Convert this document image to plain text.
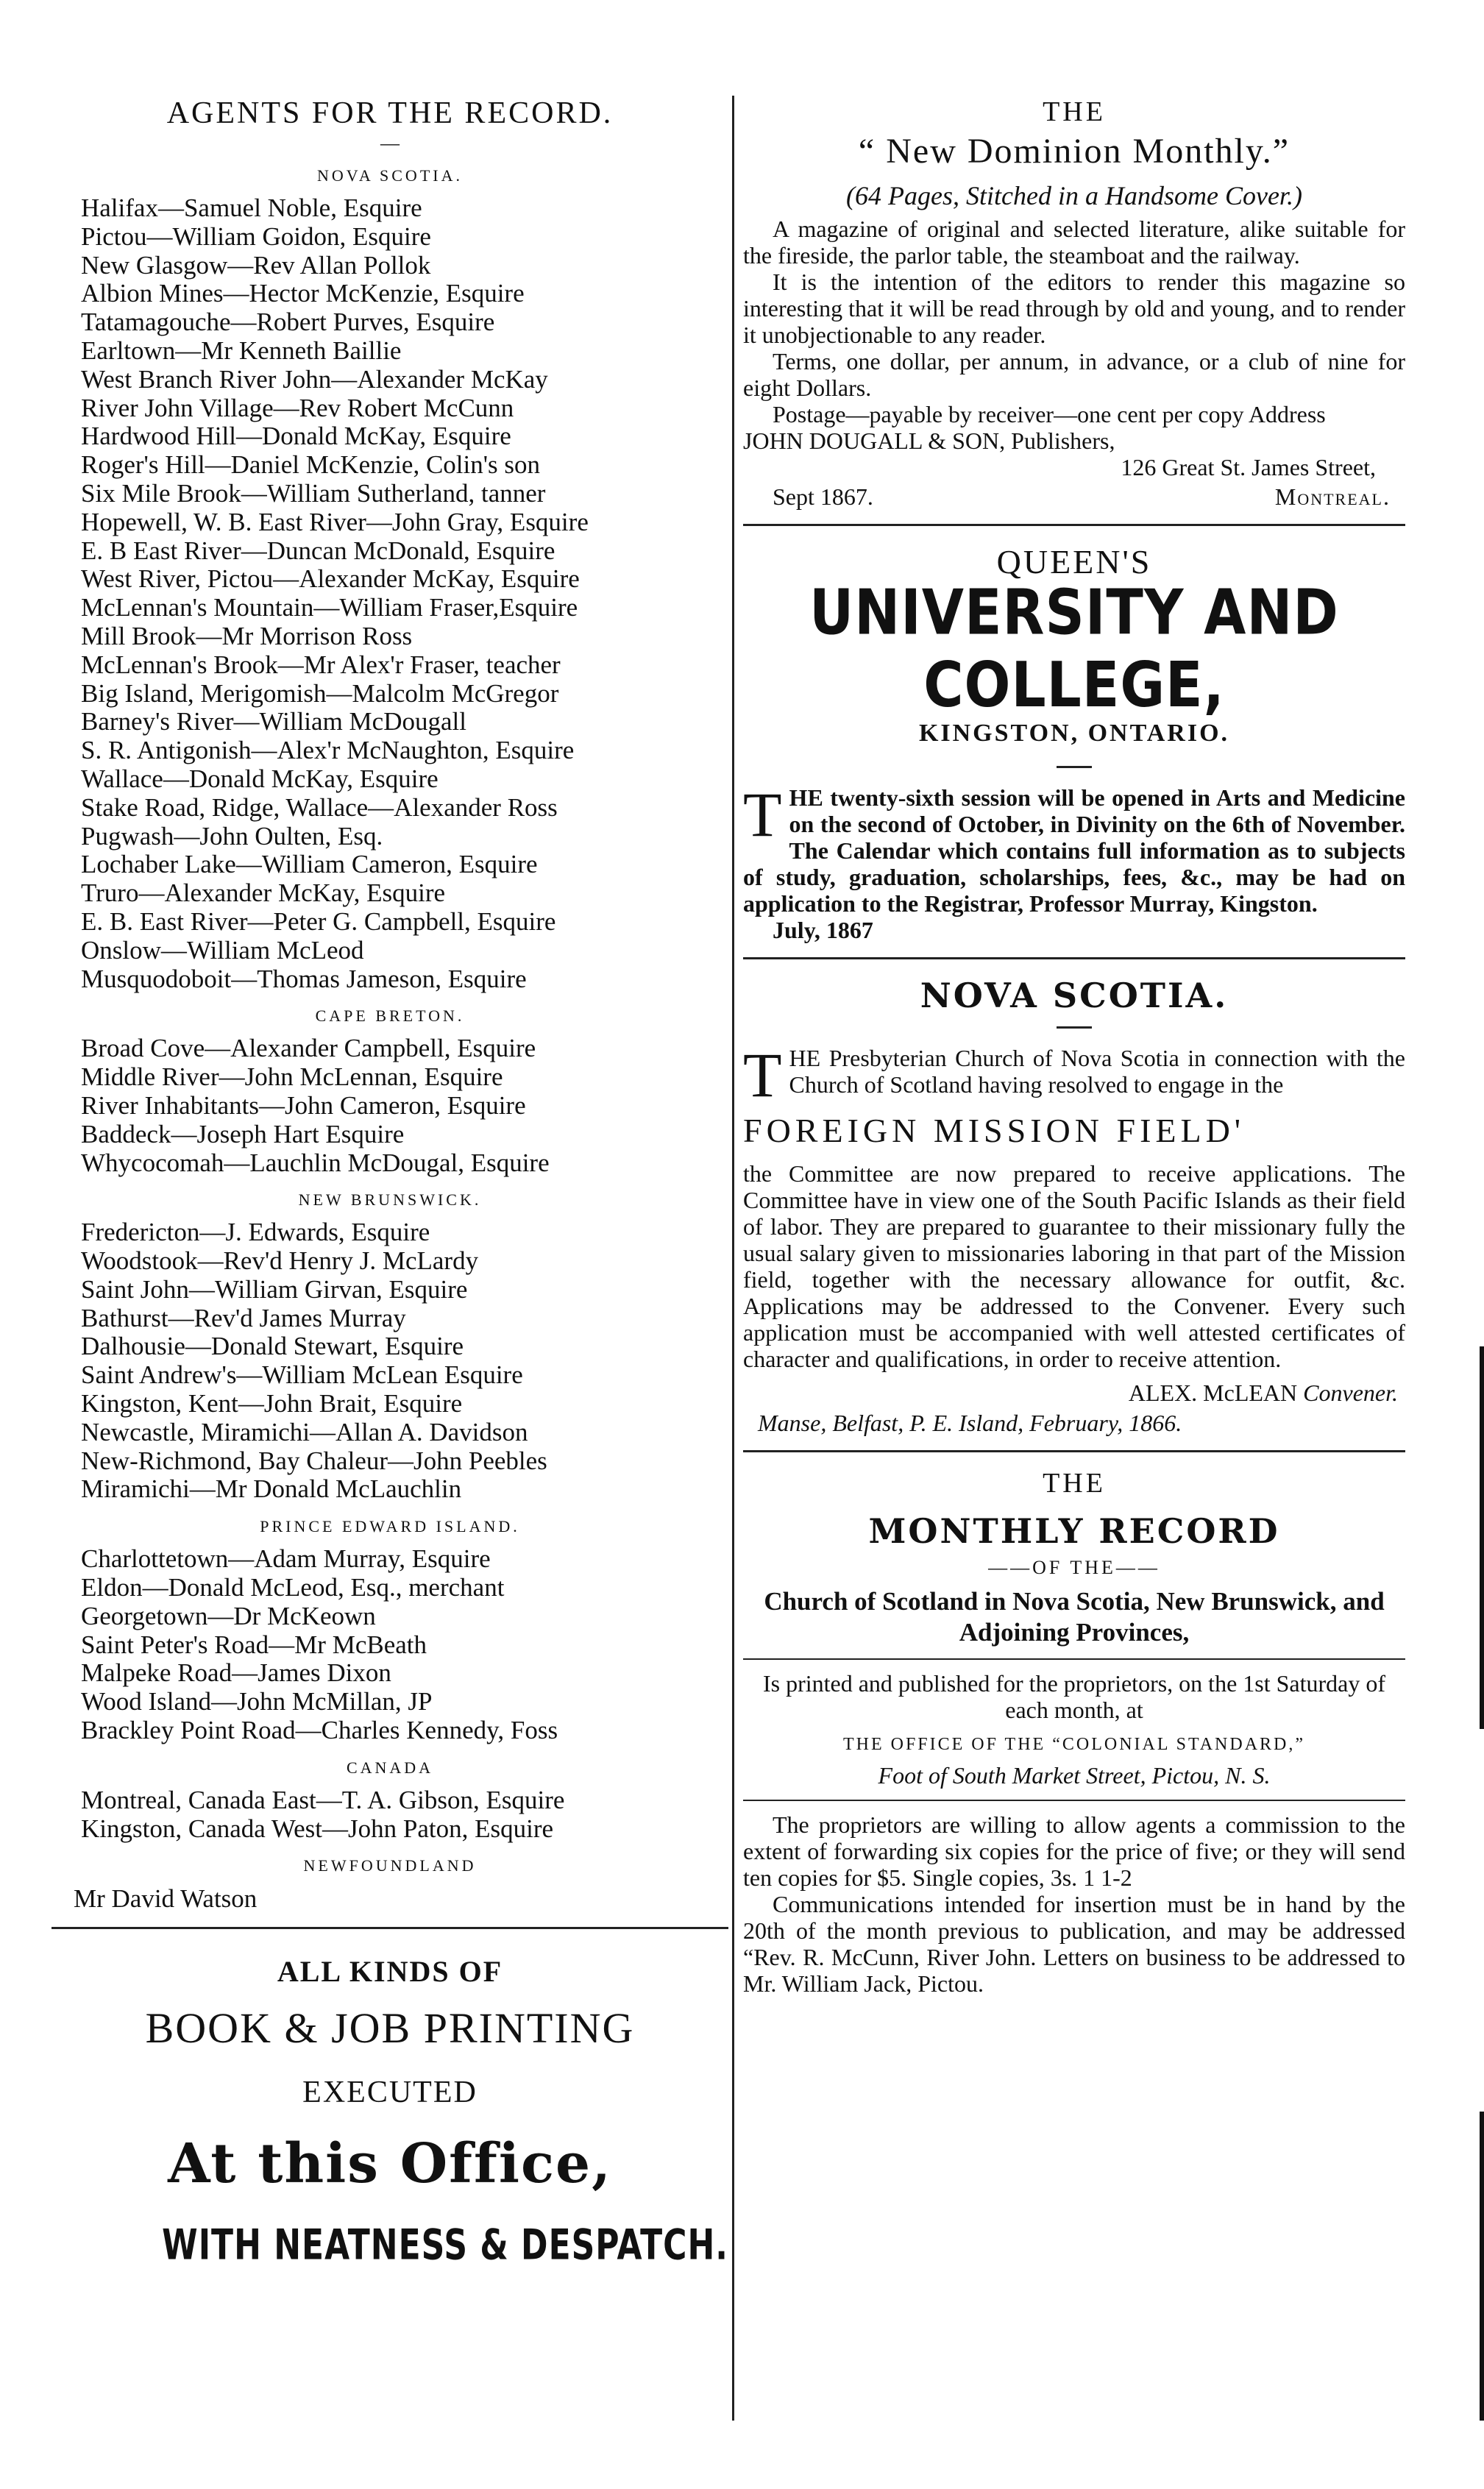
AGENTS FOR THE RECORD.
—
NOVA SCOTIA.
Halifax—Samuel Noble, Esquire
Pictou—William Goidon, Esquire
New Glasgow—Rev Allan Pollok
Albion Mines—Hector McKenzie, Esquire
Tatamagouche—Robert Purves, Esquire
Earltown—Mr Kenneth Baillie
West Branch River John—Alexander McKay
River John Village—Rev Robert McCunn
Hardwood Hill—Donald McKay, Esquire
Roger's Hill—Daniel McKenzie, Colin's son
Six Mile Brook—William Sutherland, tanner
Hopewell, W. B. East River—John Gray, Esquire
E. B East River—Duncan McDonald, Esquire
West River, Pictou—Alexander McKay, Esquire
McLennan's Mountain—William Fraser,Esquire
Mill Brook—Mr Morrison Ross
McLennan's Brook—Mr Alex'r Fraser, teacher
Big Island, Merigomish—Malcolm McGregor
Barney's River—William McDougall
S. R. Antigonish—Alex'r McNaughton, Esquire
Wallace—Donald McKay, Esquire
Stake Road, Ridge, Wallace—Alexander Ross
Pugwash—John Oulten, Esq.
Lochaber Lake—William Cameron, Esquire
Truro—Alexander McKay, Esquire
E. B. East River—Peter G. Campbell, Esquire
Onslow—William McLeod
Musquodoboit—Thomas Jameson, Esquire
CAPE BRETON.
Broad Cove—Alexander Campbell, Esquire
Middle River—John McLennan, Esquire
River Inhabitants—John Cameron, Esquire
Baddeck—Joseph Hart Esquire
Whycocomah—Lauchlin McDougal, Esquire
NEW BRUNSWICK.
Fredericton—J. Edwards, Esquire
Woodstook—Rev'd Henry J. McLardy
Saint John—William Girvan, Esquire
Bathurst—Rev'd James Murray
Dalhousie—Donald Stewart, Esquire
Saint Andrew's—William McLean Esquire
Kingston, Kent—John Brait, Esquire
Newcastle, Miramichi—Allan A. Davidson
New-Richmond, Bay Chaleur—John Peebles
Miramichi—Mr Donald McLauchlin
PRINCE EDWARD ISLAND.
Charlottetown—Adam Murray, Esquire
Eldon—Donald McLeod, Esq., merchant
Georgetown—Dr McKeown
Saint Peter's Road—Mr McBeath
Malpeke Road—James Dixon
Wood Island—John McMillan, JP
Brackley Point Road—Charles Kennedy, Foss
CANADA
Montreal, Canada East—T. A. Gibson, Esquire
Kingston, Canada West—John Paton, Esquire
NEWFOUNDLAND
Mr David Watson
ALL KINDS OF
BOOK & JOB PRINTING
EXECUTED
At this Office,
WITH NEATNESS & DESPATCH.
THE
“ New Dominion Monthly.”
(64 Pages, Stitched in a Handsome Cover.)

A magazine of original and selected literature, alike suitable for the fireside, the parlor table, the steamboat and the railway.

It is the intention of the editors to render this magazine so interesting that it will be read through by old and young, and to render it unobjectionable to any reader.

Terms, one dollar, per annum, in advance, or a club of nine for eight Dollars.

Postage—payable by receiver—one cent per copy Address

JOHN DOUGALL & SON, Publishers,
126 Great St. James Street,
Sept 1867.	Montreal.
QUEEN'S
UNIVERSITY AND COLLEGE,
KINGSTON, ONTARIO.
T HE twenty-sixth session will be opened in Arts and Medicine on the second of October, in Divinity on the 6th of November. The Calendar which contains full information as to subjects of study, graduation, scholarships, fees, &c., may be had on application to the Registrar, Professor Murray, Kingston.

July, 1867
NOVA SCOTIA.
T HE Presbyterian Church of Nova Scotia in connection with the Church of Scotland having resolved to engage in the

FOREIGN MISSION FIELD'

the Committee are now prepared to receive applications. The Committee have in view one of the South Pacific Islands as their field of labor. They are prepared to guarantee to their missionary fully the usual salary given to missionaries laboring in that part of the Mission field, together with the necessary allowance for outfit, &c. Applications may be addressed to the Convener. Every such application must be accompanied with well attested certificates of character and qualifications, in order to receive attention.

ALEX. McLEAN Convener.
Manse, Belfast, P. E. Island, February, 1866.
THE
MONTHLY RECORD
——OF THE——
Church of Scotland in Nova Scotia, New Brunswick, and Adjoining Provinces,
Is printed and published for the proprietors, on the 1st Saturday of each month, at
THE OFFICE OF THE “COLONIAL STANDARD,”
Foot of South Market Street, Pictou, N. S.

The proprietors are willing to allow agents a commission to the extent of forwarding six copies for the price of five; or they will send ten copies for $5. Single copies, 3s. 1 1-2

Communications intended for insertion must be in hand by the 20th of the month previous to publication, and may be addressed “Rev. R. McCunn, River John. Letters on business to be addressed to Mr. William Jack, Pictou.
